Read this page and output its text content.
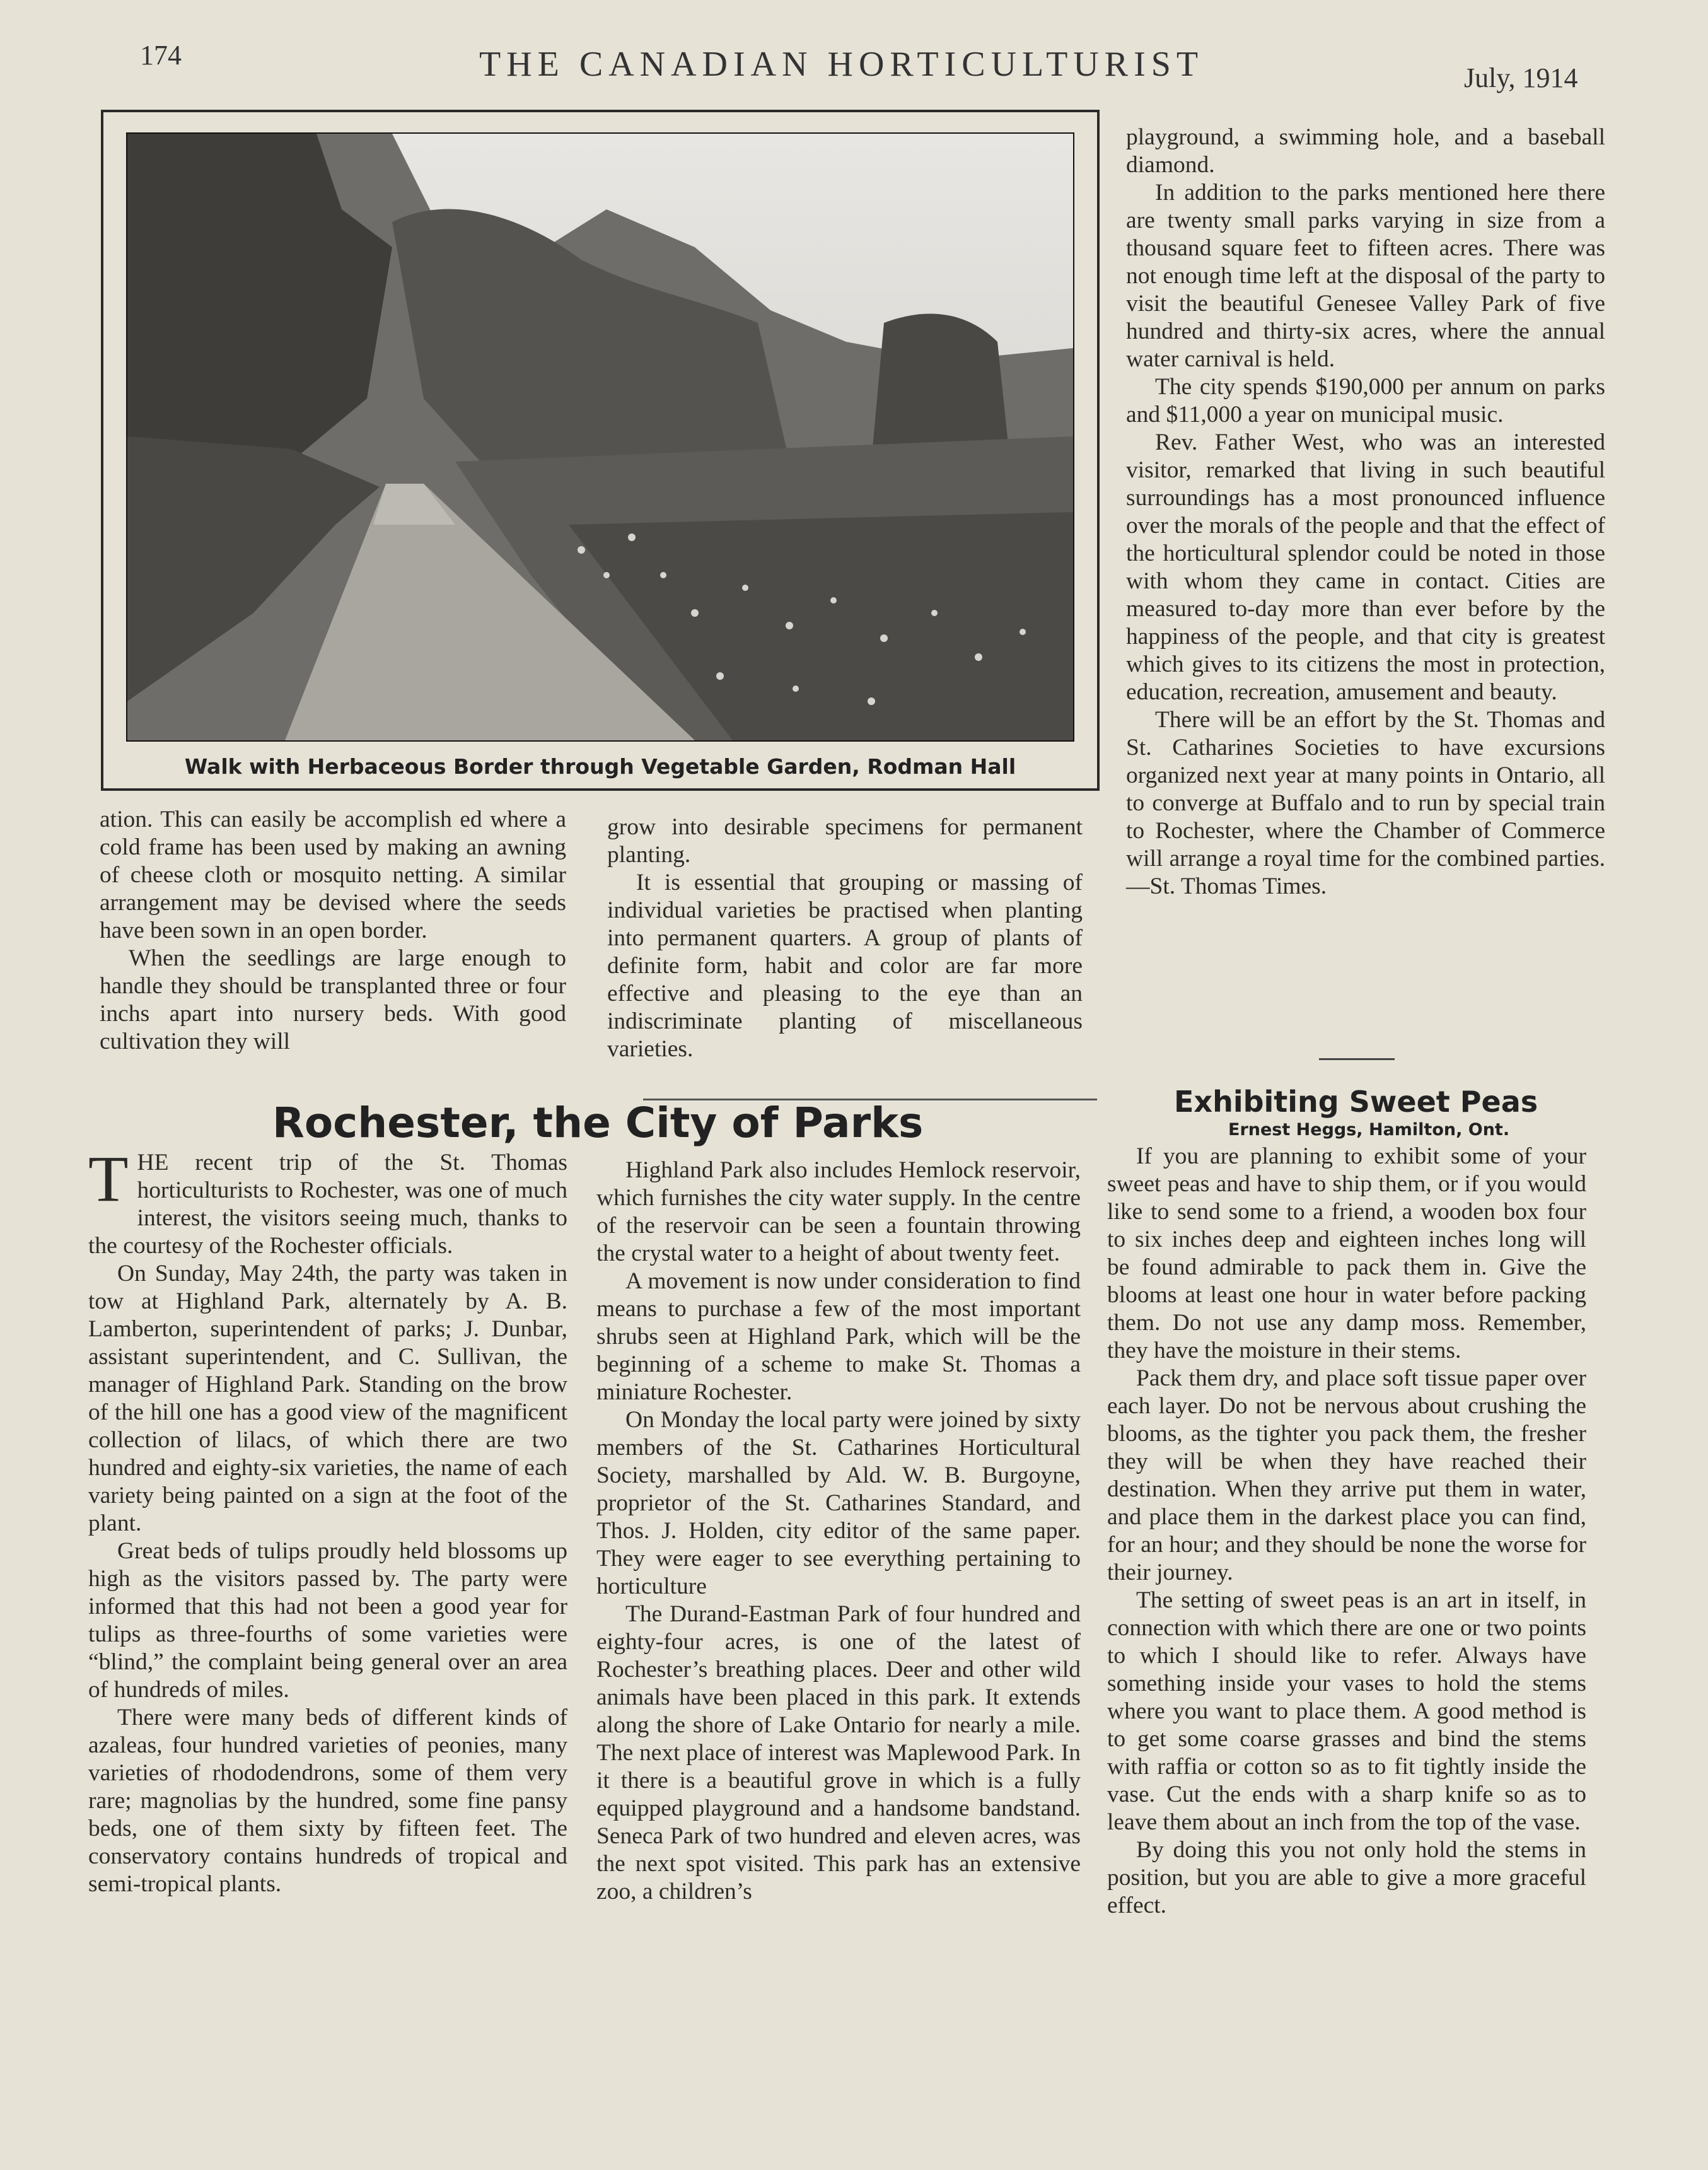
174	THE CANADIAN HORTICULTURIST	July, 1914
Walk with Herbaceous Border through Vegetable Garden, Rodman Hall

ation. This can easily be accomplish ed where a cold frame has been used by making an awning of cheese cloth or mosquito netting. A similar arrangement may be devised where the seeds have been sown in an open border.

When the seedlings are large enough to handle they should be transplanted three or four inchs apart into nursery beds. With good cultivation they will

grow into desirable specimens for permanent planting.

It is essential that grouping or massing of individual varieties be practised when planting into permanent quarters. A group of plants of definite form, habit and color are far more effective and pleasing to the eye than an indiscriminate planting of miscellaneous varieties.

playground, a swimming hole, and a baseball diamond.

In addition to the parks mentioned here there are twenty small parks varying in size from a thousand square feet to fifteen acres. There was not enough time left at the disposal of the party to visit the beautiful Genesee Valley Park of five hundred and thirty-six acres, where the annual water carnival is held.

The city spends $190,000 per annum on parks and $11,000 a year on municipal music.

Rev. Father West, who was an interested visitor, remarked that living in such beautiful surroundings has a most pronounced influence over the morals of the people and that the effect of the horticultural splendor could be noted in those with whom they came in contact. Cities are measured to-day more than ever before by the happiness of the people, and that city is greatest which gives to its citizens the most in protection, education, recreation, amusement and beauty.

There will be an effort by the St. Thomas and St. Catharines Societies to have excursions organized next year at many points in Ontario, all to converge at Buffalo and to run by special train to Rochester, where the Chamber of Commerce will arrange a royal time for the combined parties.—St. Thomas Times.

Rochester, the City of Parks

THE recent trip of the St. Thomas horticulturists to Rochester, was one of much interest, the visitors seeing much, thanks to the courtesy of the Rochester officials.

On Sunday, May 24th, the party was taken in tow at Highland Park, alternately by A. B. Lamberton, superintendent of parks; J. Dunbar, assistant superintendent, and C. Sullivan, the manager of Highland Park. Standing on the brow of the hill one has a good view of the magnificent collection of lilacs, of which there are two hundred and eighty-six varieties, the name of each variety being painted on a sign at the foot of the plant.

Great beds of tulips proudly held blossoms up high as the visitors passed by. The party were informed that this had not been a good year for tulips as three-fourths of some varieties were “blind,” the complaint being general over an area of hundreds of miles.

There were many beds of different kinds of azaleas, four hundred varieties of peonies, many varieties of rhododendrons, some of them very rare; magnolias by the hundred, some fine pansy beds, one of them sixty by fifteen feet. The conservatory contains hundreds of tropical and semi-tropical plants.

Highland Park also includes Hemlock reservoir, which furnishes the city water supply. In the centre of the reservoir can be seen a fountain throwing the crystal water to a height of about twenty feet.

A movement is now under consideration to find means to purchase a few of the most important shrubs seen at Highland Park, which will be the beginning of a scheme to make St. Thomas a miniature Rochester.

On Monday the local party were joined by sixty members of the St. Catharines Horticultural Society, marshalled by Ald. W. B. Burgoyne, proprietor of the St. Catharines Standard, and Thos. J. Holden, city editor of the same paper. They were eager to see everything pertaining to horticulture

The Durand-Eastman Park of four hundred and eighty-four acres, is one of the latest of Rochester’s breathing places. Deer and other wild animals have been placed in this park. It extends along the shore of Lake Ontario for nearly a mile. The next place of interest was Maplewood Park. In it there is a beautiful grove in which is a fully equipped playground and a handsome bandstand. Seneca Park of two hundred and eleven acres, was the next spot visited. This park has an extensive zoo, a children’s

Exhibiting Sweet Peas
Ernest Heggs, Hamilton, Ont.

If you are planning to exhibit some of your sweet peas and have to ship them, or if you would like to send some to a friend, a wooden box four to six inches deep and eighteen inches long will be found admirable to pack them in. Give the blooms at least one hour in water before packing them. Do not use any damp moss. Remember, they have the moisture in their stems.

Pack them dry, and place soft tissue paper over each layer. Do not be nervous about crushing the blooms, as the tighter you pack them, the fresher they will be when they have reached their destination. When they arrive put them in water, and place them in the darkest place you can find, for an hour; and they should be none the worse for their journey.

The setting of sweet peas is an art in itself, in connection with which there are one or two points to which I should like to refer. Always have something inside your vases to hold the stems where you want to place them. A good method is to get some coarse grasses and bind the stems with raffia or cotton so as to fit tightly inside the vase. Cut the ends with a sharp knife so as to leave them about an inch from the top of the vase.

By doing this you not only hold the stems in position, but you are able to give a more graceful effect.
